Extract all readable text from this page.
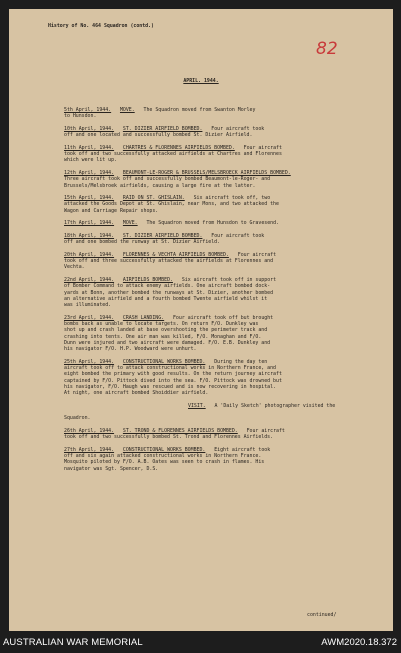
History of No. 464 Squadron (contd.)
82
APRIL. 1944.
5th April, 1944. MOVE. The Squadron moved from Swanton Morley
to Hunsdon.
10th April, 1944. ST. DIZIER AIRFIELD BOMBED. Four aircraft took
off and one located and successfully bombed St. Dizier Airfield.
11th April, 1944. CHARTRES & FLORENNES AIRFIELDS BOMBED. Four aircraft
took off and two successfully attacked airfields at Chartres and Florennes
which were lit up.
12th April, 1944. BEAUMONT-LE-ROGER & BRUSSELS/MELSBROECK AIRFIELDS BOMBED.
Three aircraft took off and successfully bombed Beaumont-le-Roger- and
Brussels/Melsbroek airfields, causing a large fire at the latter.
15th April, 1944. RAID ON ST. GHISLAIN. Six aircraft took off, two
attacked the Goods Depot at St. Ghislain, near Mons, and two attacked the
Wagon and Carriage Repair shops.
17th April, 1944. MOVE. The Squadron moved from Hunsdon to Gravesend.
18th April, 1944. ST. DIZIER AIRFIELD BOMBED. Four aircraft took
off and one bombed the runway at St. Dizier Airfield.
20th April, 1944. FLORENNES & VECHTA AIRFIELDS BOMBED. Four aircraft
took off and three successfully attacked the airfields at Florennes and
Vechta.
22nd April, 1944. AIRFIELDS BOMBED. Six aircraft took off in support
of Bomber Command to attack enemy airfields. One aircraft bombed dock-
yards at Bonn, another bombed the runways at St. Dizier, another bombed
an alternative airfield and a fourth bombed Twente airfield whilst it
was illuminated.
23rd April, 1944. CRASH LANDING. Four aircraft took off but brought
bombs back as unable to locate targets. On return F/O. Dunkley was
shot up and crash landed at base overshooting the perimeter track and
crashing into tents. One air man was killed, F/O. Monaghan and F/O.
Dunn were injured and two aircraft were damaged. F/O. E.B. Dunkley and
his navigator F/O. H.P. Woodward were unhurt.
25th April, 1944. CONSTRUCTIONAL WORKS BOMBED. During the day ten
aircraft took off to attack constructional works in Northern France, and
eight bombed the primary with good results. On the return journey aircraft
captained by F/O. Pittock dived into the sea. F/O. Pittock was drowned but
his navigator, F/O. Haugh was rescued and is now recovering in hospital.
At night, one aircraft bombed Shoiddier airfield.
VISIT. A 'Daily Sketch' photographer visited the
Squadron.
26th April, 1944. ST. TROND & FLORENNES AIRFIELDS BOMBED. Four aircraft
took off and two successfully bombed St. Trond and Florennes Airfields.
27th April, 1944. CONSTRUCTIONAL WORKS BOMBED. Eight aircraft took
off and six again attacked constructional works in Northern France.
Mosquito piloted by F/O. A.B. Oates was seen to crash in flames. His
navigator was Sgt. Spencer, D.S.
continued/
AUSTRALIAN WAR MEMORIAL	AWM2020.18.372
